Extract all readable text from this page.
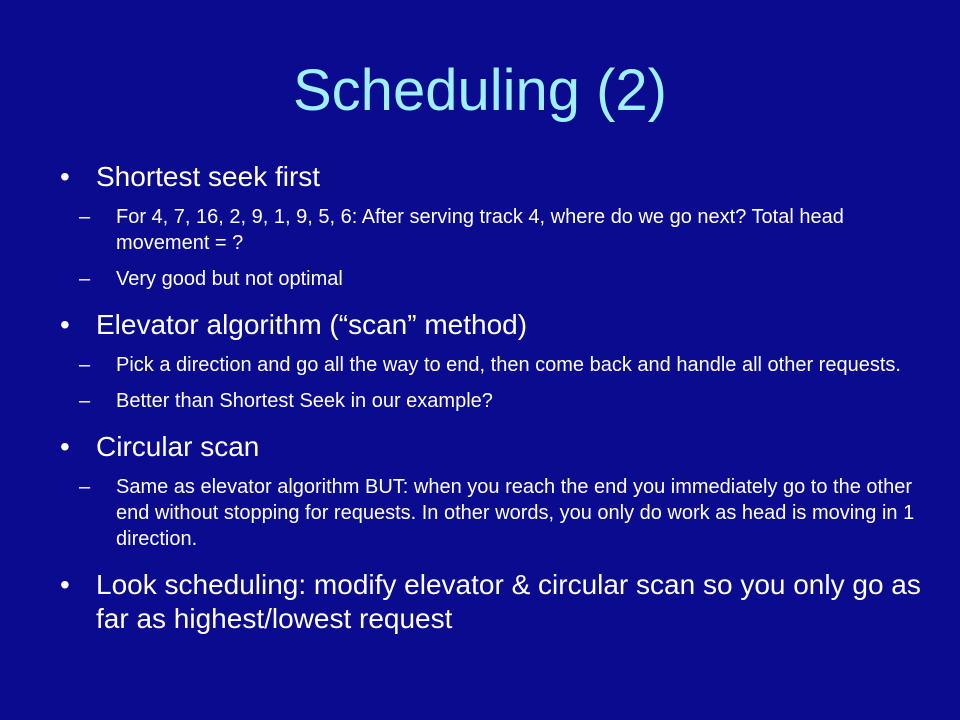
Scheduling (2)
• Shortest seek first
– For 4, 7, 16, 2, 9, 1, 9, 5, 6: After serving track 4, where do we go next? Total head movement = ?
– Very good but not optimal
• Elevator algorithm (“scan” method)
– Pick a direction and go all the way to end, then come back and handle all other requests.
– Better than Shortest Seek in our example?
• Circular scan
– Same as elevator algorithm BUT: when you reach the end you immediately go to the other end without stopping for requests. In other words, you only do work as head is moving in 1 direction.
• Look scheduling: modify elevator & circular scan so you only go as far as highest/lowest request
